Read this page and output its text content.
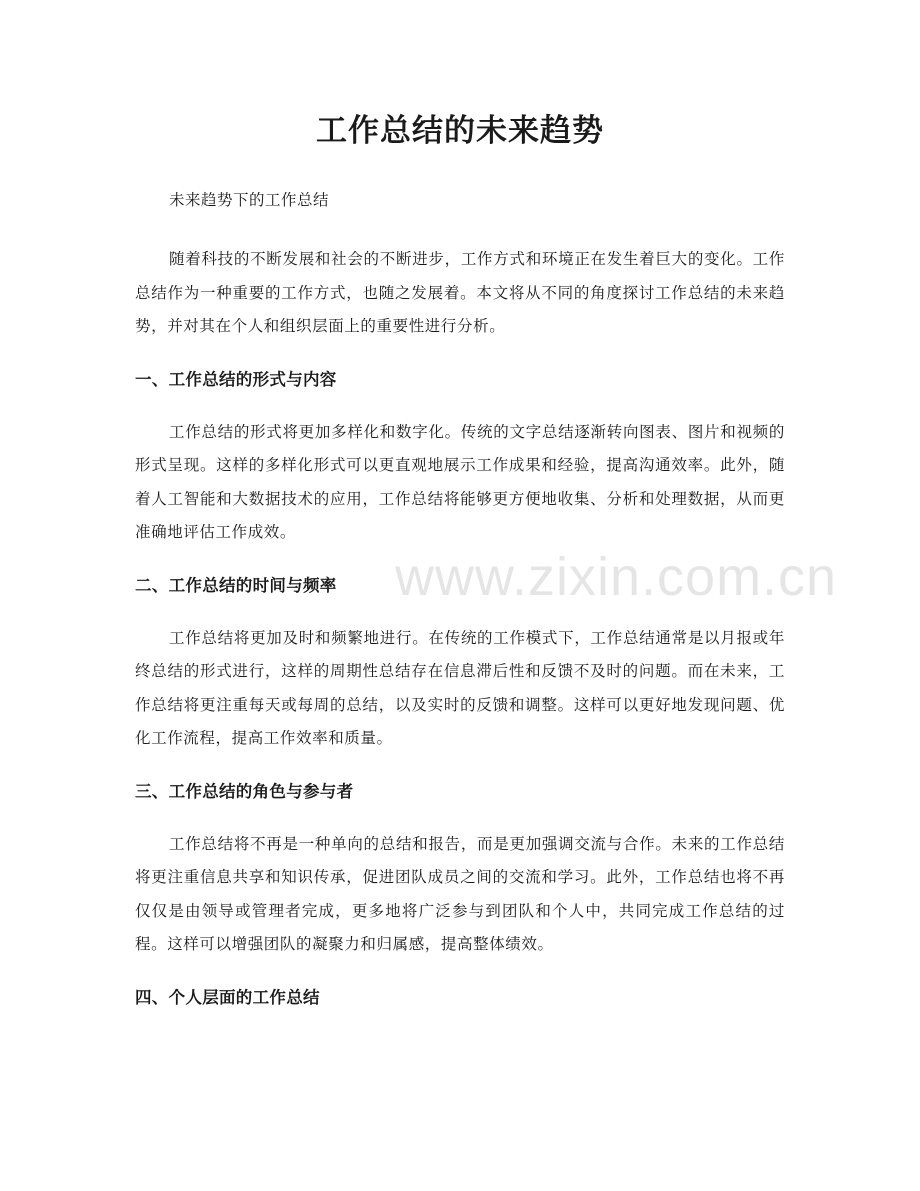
工作总结的未来趋势

未来趋势下的工作总结

随着科技的不断发展和社会的不断进步，工作方式和环境正在发生着巨大的变化。工作总结作为一种重要的工作方式，也随之发展着。本文将从不同的角度探讨工作总结的未来趋势，并对其在个人和组织层面上的重要性进行分析。

一、工作总结的形式与内容

工作总结的形式将更加多样化和数字化。传统的文字总结逐渐转向图表、图片和视频的形式呈现。这样的多样化形式可以更直观地展示工作成果和经验，提高沟通效率。此外，随着人工智能和大数据技术的应用，工作总结将能够更方便地收集、分析和处理数据，从而更准确地评估工作成效。

二、工作总结的时间与频率

工作总结将更加及时和频繁地进行。在传统的工作模式下，工作总结通常是以月报或年终总结的形式进行，这样的周期性总结存在信息滞后性和反馈不及时的问题。而在未来，工作总结将更注重每天或每周的总结，以及实时的反馈和调整。这样可以更好地发现问题、优化工作流程，提高工作效率和质量。

三、工作总结的角色与参与者

工作总结将不再是一种单向的总结和报告，而是更加强调交流与合作。未来的工作总结将更注重信息共享和知识传承，促进团队成员之间的交流和学习。此外，工作总结也将不再仅仅是由领导或管理者完成，更多地将广泛参与到团队和个人中，共同完成工作总结的过程。这样可以增强团队的凝聚力和归属感，提高整体绩效。

四、个人层面的工作总结
www.zixin.com.cn
